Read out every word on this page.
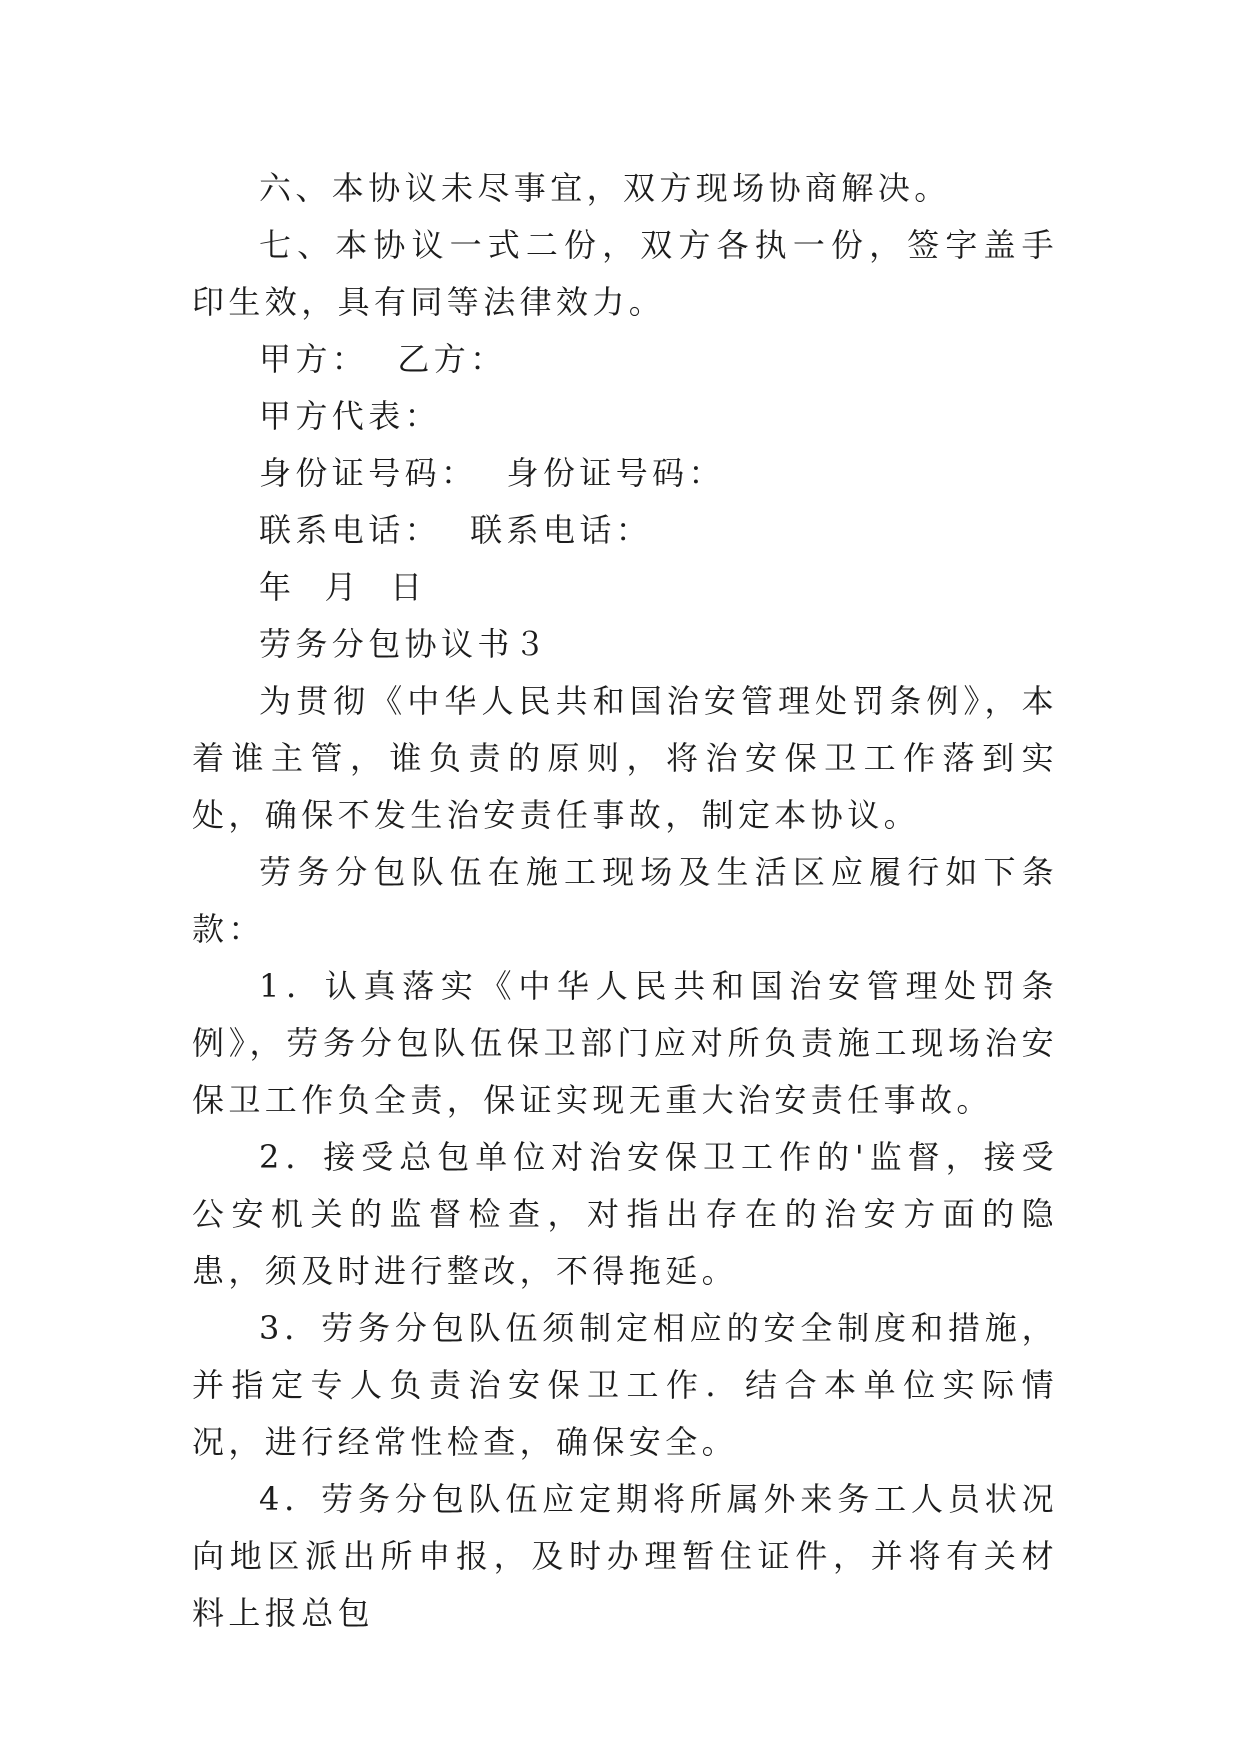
六、本协议未尽事宜，双方现场协商解决。

七、本协议一式二份，双方各执一份，签字盖手印生效，具有同等法律效力。

甲方：  乙方：

甲方代表：

身份证号码：  身份证号码：

联系电话：  联系电话：

年  月  日

劳务分包协议书３

为贯彻《中华人民共和国治安管理处罚条例》，本着谁主管，谁负责的原则，将治安保卫工作落到实处，确保不发生治安责任事故，制定本协议。

劳务分包队伍在施工现场及生活区应履行如下条款：

1．认真落实《中华人民共和国治安管理处罚条例》，劳务分包队伍保卫部门应对所负责施工现场治安保卫工作负全责，保证实现无重大治安责任事故。

2．接受总包单位对治安保卫工作的'监督，接受公安机关的监督检查，对指出存在的治安方面的隐患，须及时进行整改，不得拖延。

3．劳务分包队伍须制定相应的安全制度和措施，并指定专人负责治安保卫工作．结合本单位实际情况，进行经常性检查，确保安全。

4．劳务分包队伍应定期将所属外来务工人员状况向地区派出所申报，及时办理暂住证件，并将有关材料上报总包
